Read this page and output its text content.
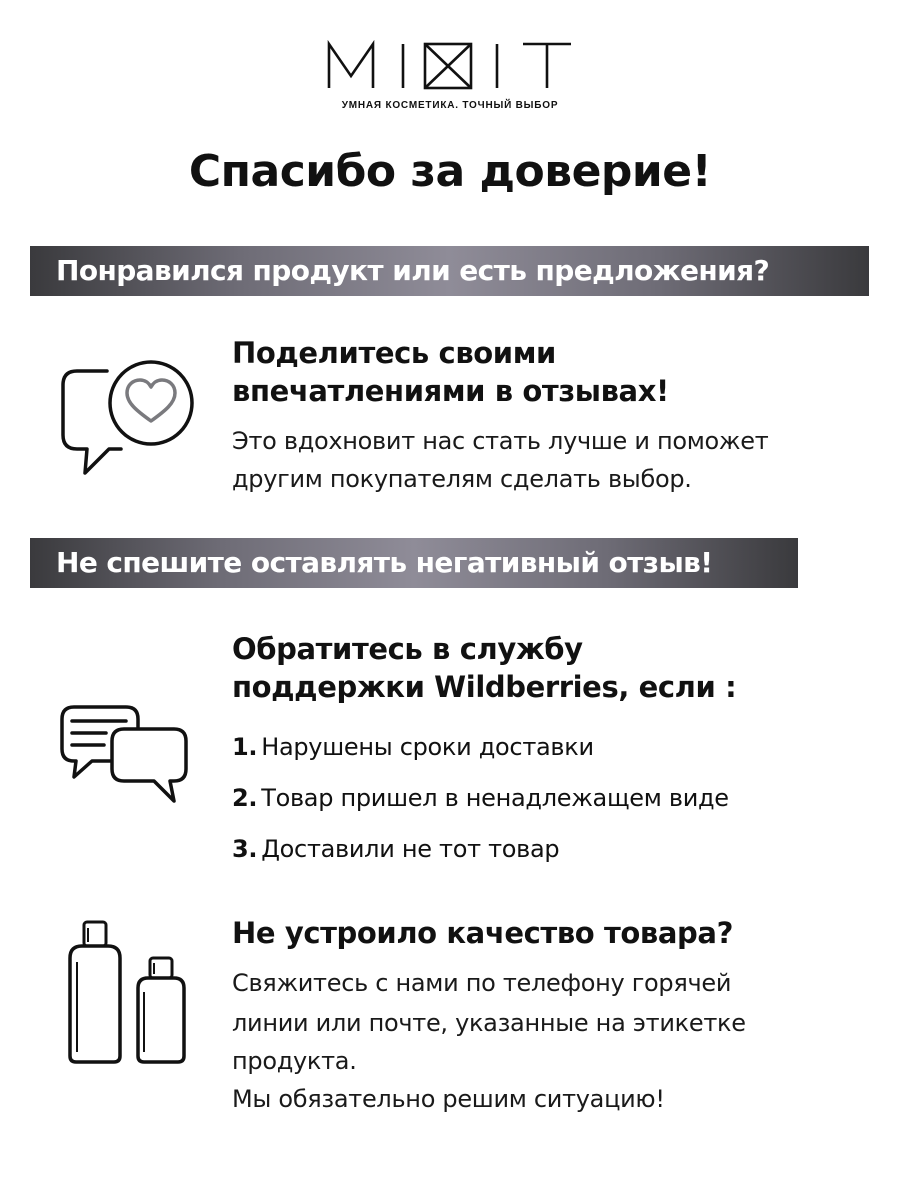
УМНАЯ КОСМЕТИКА. ТОЧНЫЙ ВЫБОР
Спасибо за доверие!
Понравился продукт или есть предложения?
Поделитесь своими
впечатлениями в отзывах!
Это вдохновит нас стать лучше и поможет
другим покупателям сделать выбор.
Не спешите оставлять негативный отзыв!
Обратитесь в службу
поддержки Wildberries, если :
1. Нарушены сроки доставки
2. Товар пришел в ненадлежащем виде
3. Доставили не тот товар
Не устроило качество товара?
Свяжитесь с нами по телефону горячей
линии или почте, указанные на этикетке
продукта.
Мы обязательно решим ситуацию!
